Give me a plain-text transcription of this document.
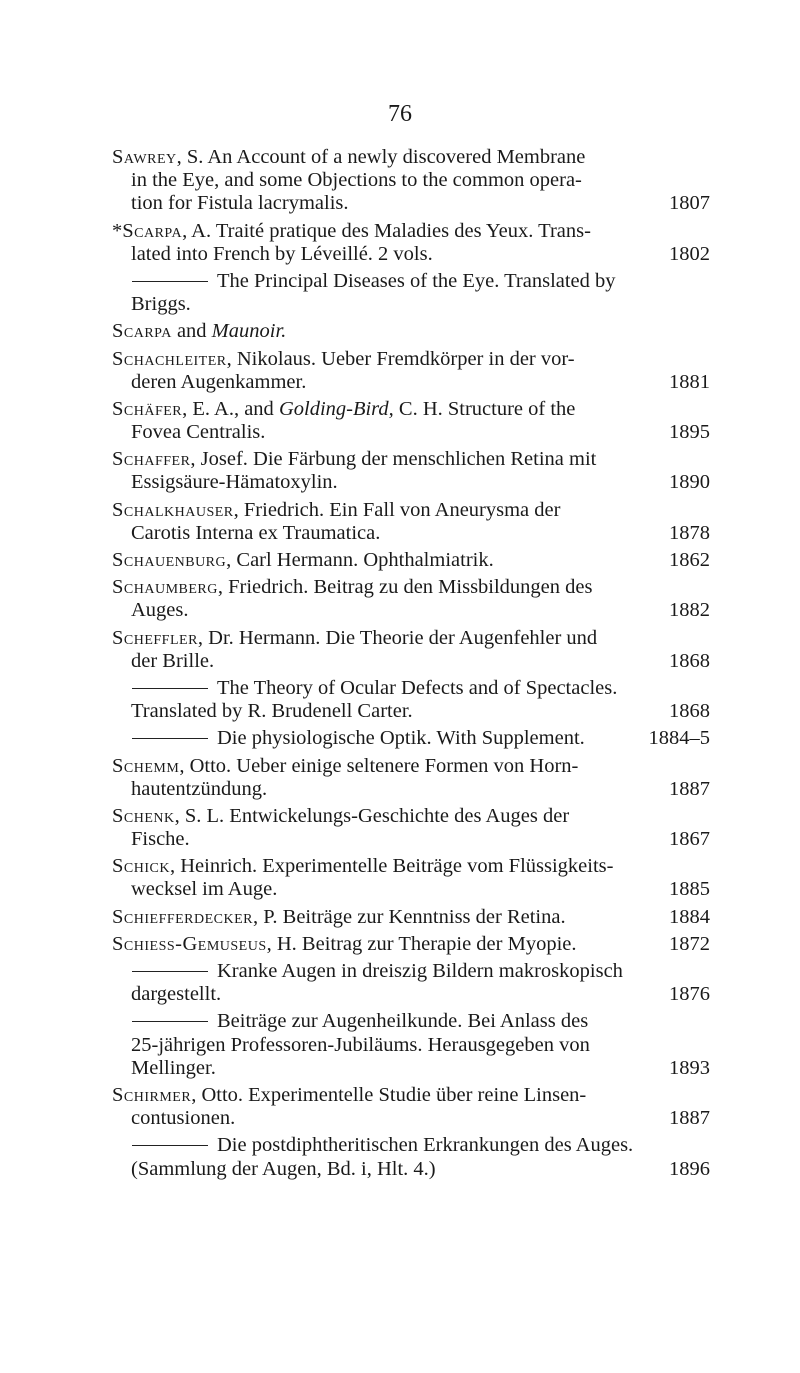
76
Sawrey, S. An Account of a newly discovered Membrane
in the Eye, and some Objections to the common opera-
tion for Fistula lacrymalis.	1807
*Scarpa, A. Traité pratique des Maladies des Yeux. Trans-
lated into French by Léveillé. 2 vols.	1802
The Principal Diseases of the Eye. Translated by
Briggs.
Scarpa and Maunoir.
Schachleiter, Nikolaus. Ueber Fremdkörper in der vor-
deren Augenkammer.	1881
Schäfer, E. A., and Golding-Bird, C. H. Structure of the
Fovea Centralis.	1895
Schaffer, Josef. Die Färbung der menschlichen Retina mit
Essigsäure-Hämatoxylin.	1890
Schalkhauser, Friedrich. Ein Fall von Aneurysma der
Carotis Interna ex Traumatica.	1878
Schauenburg, Carl Hermann. Ophthalmiatrik.	1862
Schaumberg, Friedrich. Beitrag zu den Missbildungen des
Auges.	1882
Scheffler, Dr. Hermann. Die Theorie der Augenfehler und
der Brille.	1868
The Theory of Ocular Defects and of Spectacles.
Translated by R. Brudenell Carter.	1868
Die physiologische Optik. With Supplement.	1884–5
Schemm, Otto. Ueber einige seltenere Formen von Horn-
hautentzündung.	1887
Schenk, S. L. Entwickelungs-Geschichte des Auges der
Fische.	1867
Schick, Heinrich. Experimentelle Beiträge vom Flüssigkeits-
wecksel im Auge.	1885
Schiefferdecker, P. Beiträge zur Kenntniss der Retina.	1884
Schiess-Gemuseus, H. Beitrag zur Therapie der Myopie.	1872
Kranke Augen in dreiszig Bildern makroskopisch
dargestellt.	1876
Beiträge zur Augenheilkunde. Bei Anlass des
25-jährigen Professoren-Jubiläums. Herausgegeben von
Mellinger.	1893
Schirmer, Otto. Experimentelle Studie über reine Linsen-
contusionen.	1887
Die postdiphtheritischen Erkrankungen des Auges.
(Sammlung der Augen, Bd. i, Hlt. 4.)	1896
